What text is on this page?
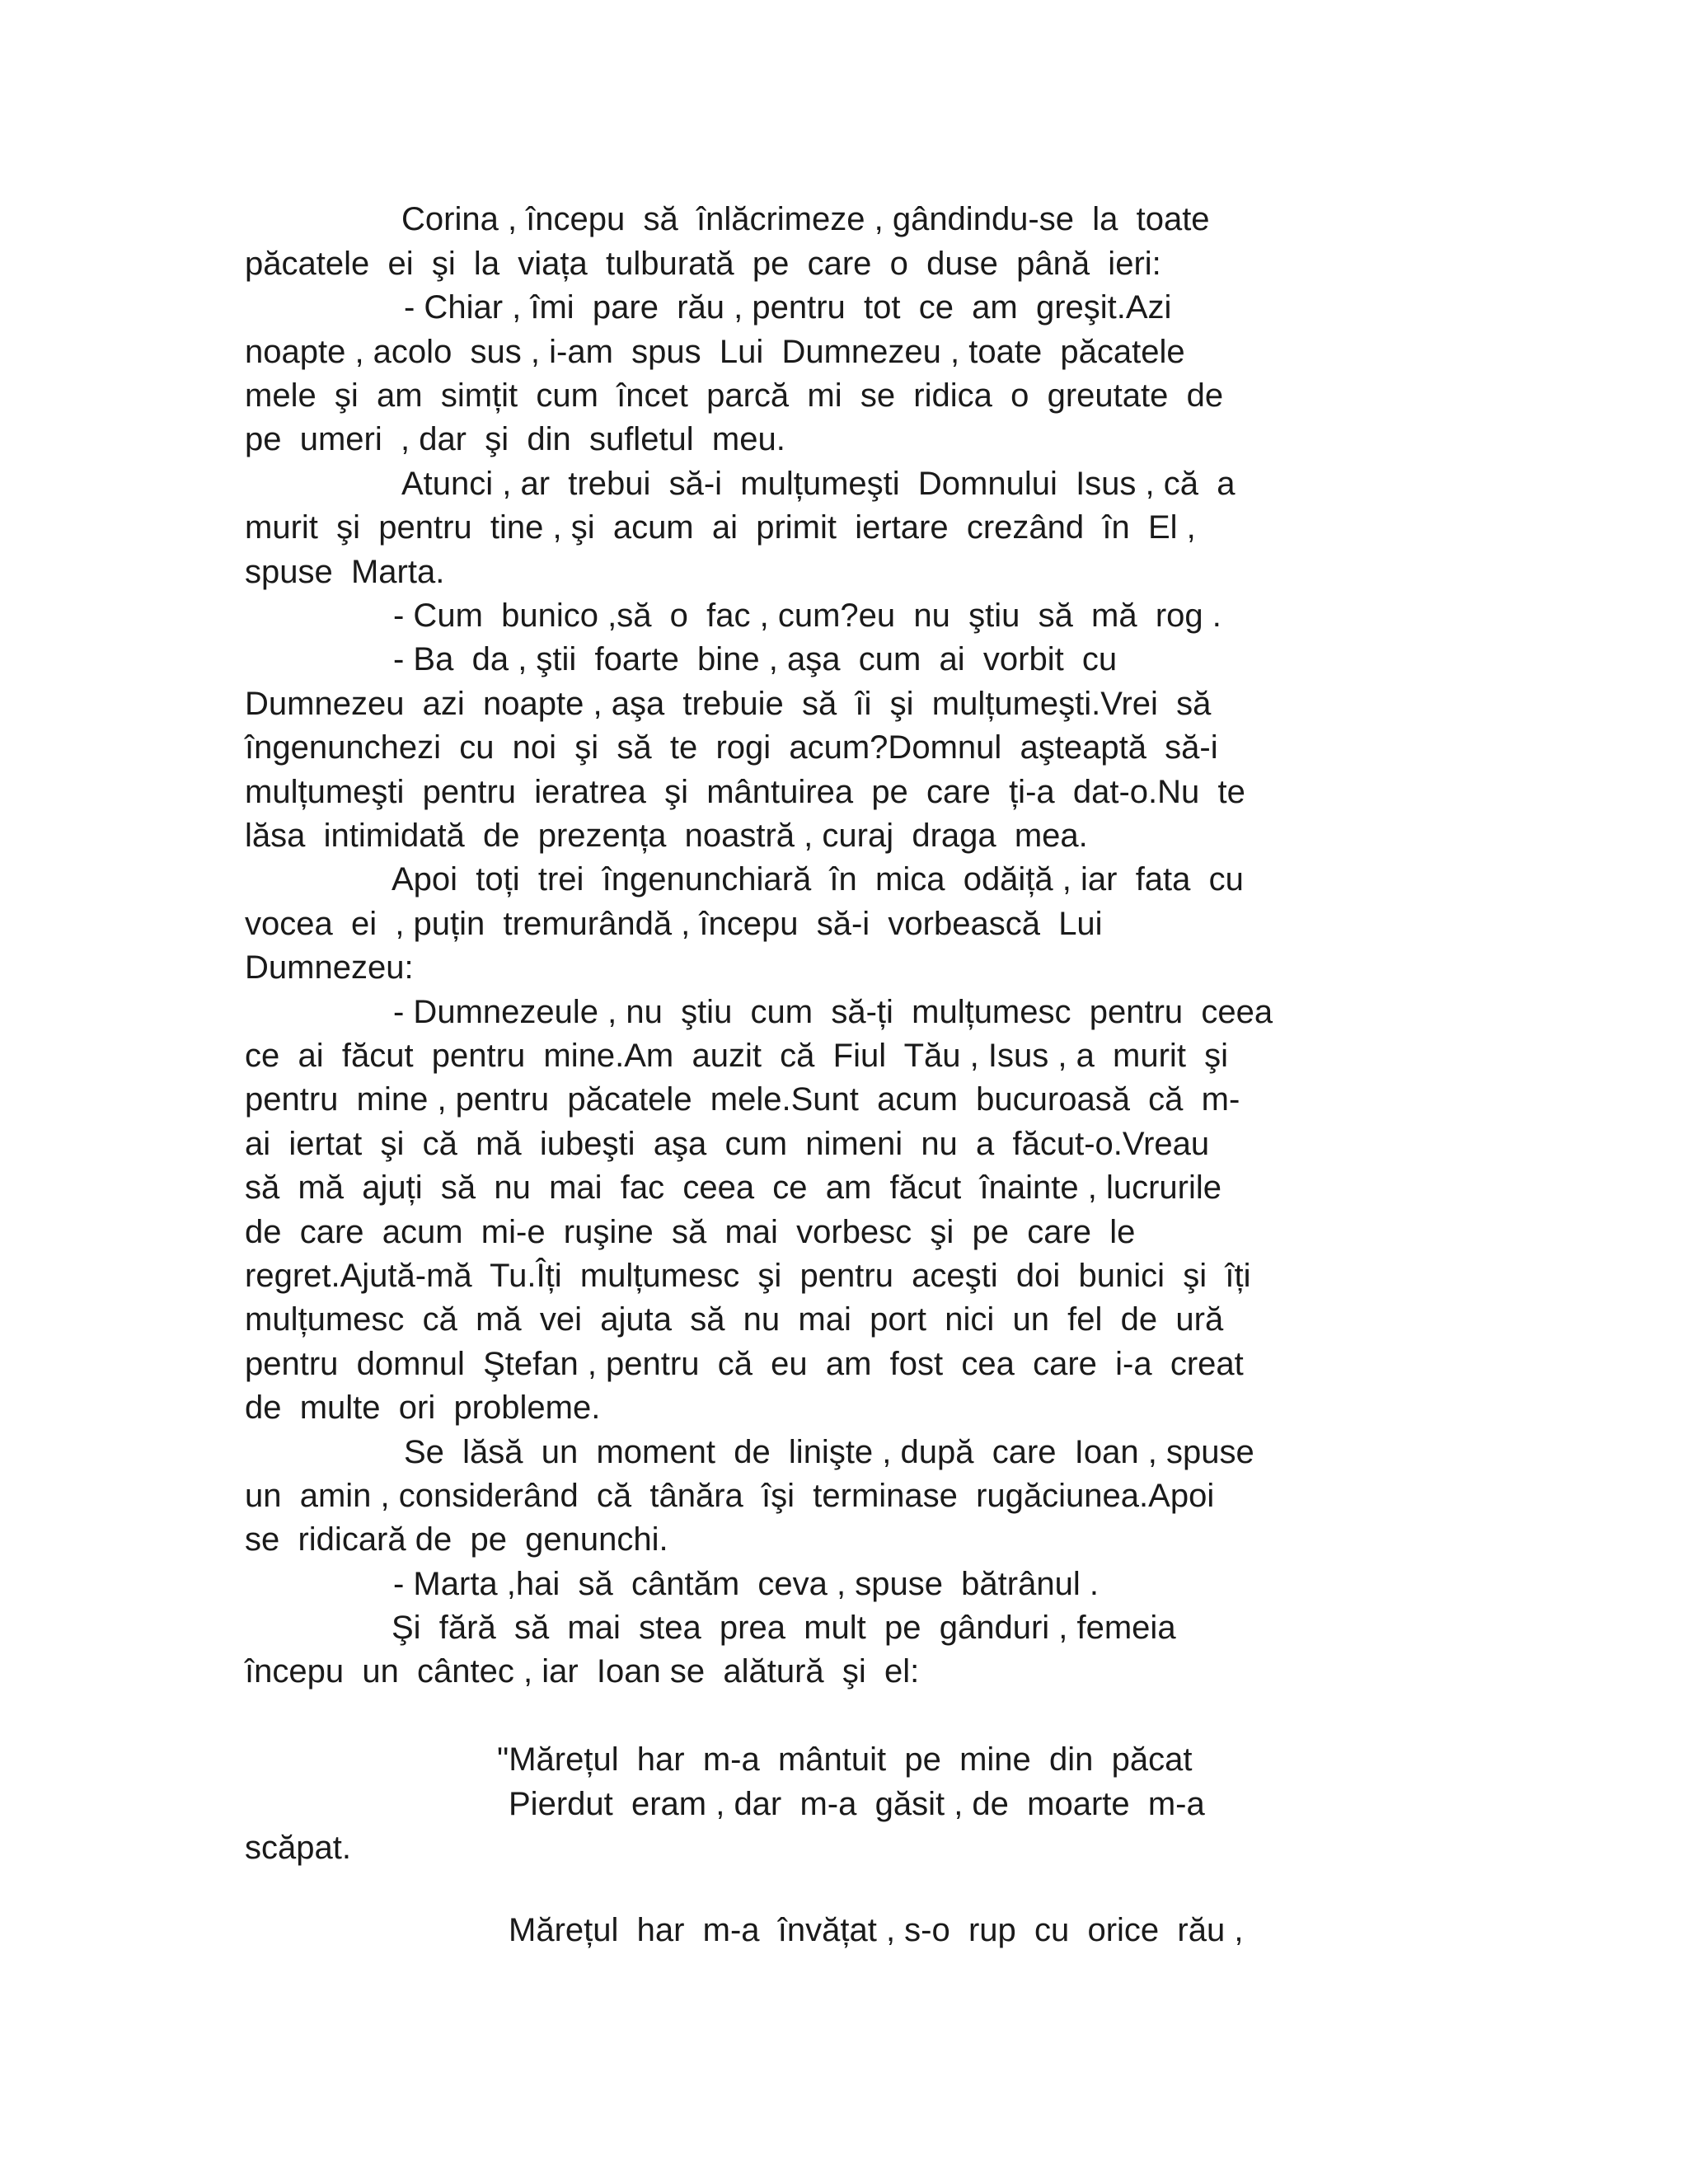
Corina , începu  să  înlăcrimeze , gândindu-se  la  toate

păcatele  ei  şi  la  viața  tulburată  pe  care  o  duse  până  ieri:

- Chiar , îmi  pare  rău , pentru  tot  ce  am  greşit.Azi

noapte , acolo  sus , i-am  spus  Lui  Dumnezeu , toate  păcatele

mele  şi  am  simțit  cum  încet  parcă  mi  se  ridica  o  greutate  de

pe  umeri  , dar  şi  din  sufletul  meu.

Atunci , ar  trebui  să-i  mulțumeşti  Domnului  Isus , că  a

murit  şi  pentru  tine , şi  acum  ai  primit  iertare  crezând  în  El ,

spuse  Marta.

- Cum  bunico ,să  o  fac , cum?eu  nu  ştiu  să  mă  rog .

- Ba  da , ştii  foarte  bine , aşa  cum  ai  vorbit  cu

Dumnezeu  azi  noapte , aşa  trebuie  să  îi  şi  mulțumeşti.Vrei  să

îngenunchezi  cu  noi  şi  să  te  rogi  acum?Domnul  aşteaptă  să-i

mulțumeşti  pentru  ieratrea  şi  mântuirea  pe  care  ți-a  dat-o.Nu  te

lăsa  intimidată  de  prezența  noastră , curaj  draga  mea.

Apoi  toți  trei  îngenunchiară  în  mica  odăiță , iar  fata  cu

vocea  ei  , puțin  tremurândă , începu  să-i  vorbească  Lui

Dumnezeu:

- Dumnezeule , nu  ştiu  cum  să-ți  mulțumesc  pentru  ceea

ce  ai  făcut  pentru  mine.Am  auzit  că  Fiul  Tău , Isus , a  murit  şi

pentru  mine , pentru  păcatele  mele.Sunt  acum  bucuroasă  că  m-

ai  iertat  şi  că  mă  iubeşti  aşa  cum  nimeni  nu  a  făcut-o.Vreau

să  mă  ajuți  să  nu  mai  fac  ceea  ce  am  făcut  înainte , lucrurile

de  care  acum  mi-e  ruşine  să  mai  vorbesc  şi  pe  care  le

regret.Ajută-mă  Tu.Îți  mulțumesc  şi  pentru  aceşti  doi  bunici  şi  îți

mulțumesc  că  mă  vei  ajuta  să  nu  mai  port  nici  un  fel  de  ură

pentru  domnul  Ştefan , pentru  că  eu  am  fost  cea  care  i-a  creat

de  multe  ori  probleme.

Se  lăsă  un  moment  de  linişte , după  care  Ioan , spuse

un  amin , considerând  că  tânăra  îşi  terminase  rugăciunea.Apoi

se  ridicară de  pe  genunchi.

- Marta ,hai  să  cântăm  ceva , spuse  bătrânul .

Şi  fără  să  mai  stea  prea  mult  pe  gânduri , femeia

începu  un  cântec , iar  Ioan se  alătură  şi  el:

"Mărețul  har  m-a  mântuit  pe  mine  din  păcat

Pierdut  eram , dar  m-a  găsit , de  moarte  m-a

scăpat.

Mărețul  har  m-a  învățat , s-o  rup  cu  orice  rău ,
